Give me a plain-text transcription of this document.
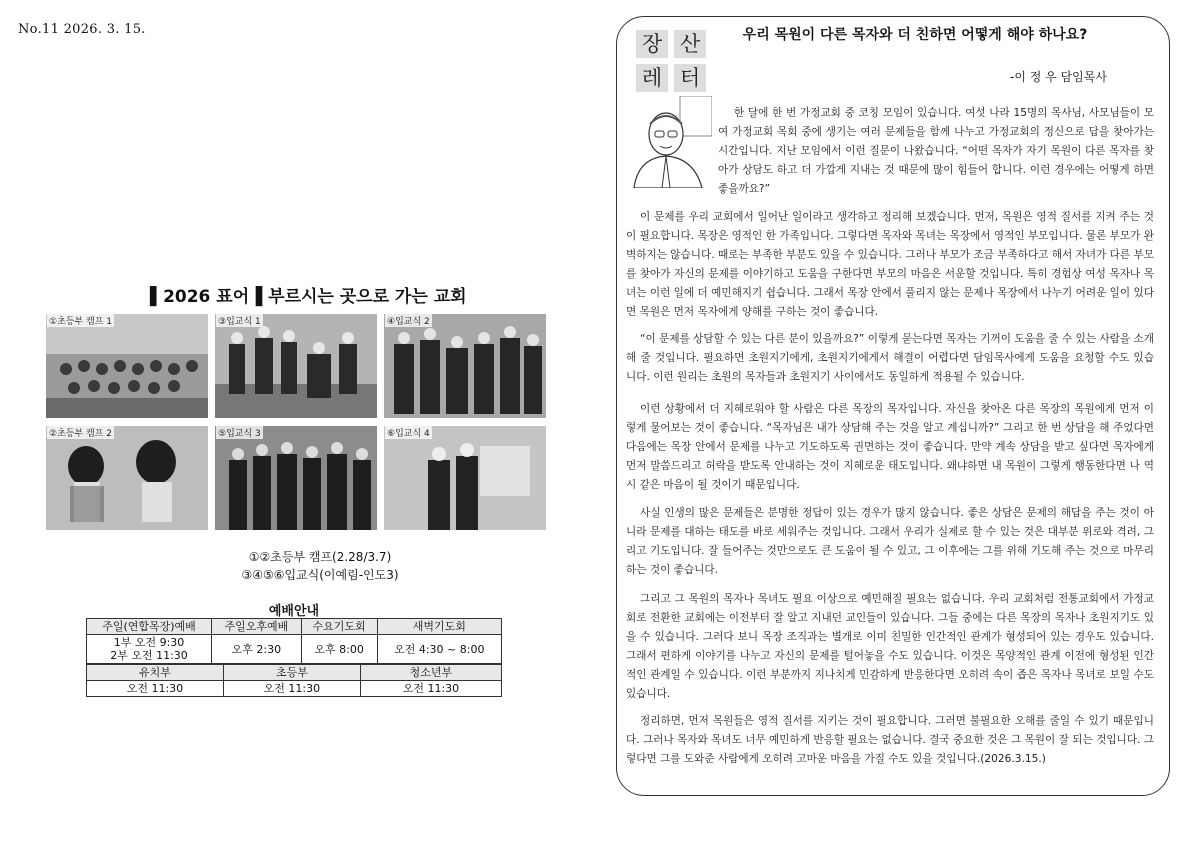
No.11 2026. 3. 15.
▌2026 표어▐ 부르시는 곳으로 가는 교회
①초등부 캠프 1	③입교식 1	④입교식 2
②초등부 캠프 2	⑤입교식 3	⑥입교식 4
①②초등부 캠프(2.28/3.7)
③④⑤⑥입교식(이예림-인도3)
주일(연합목장)예배	주일오후예배	수요기도회	새벽기도회
1부 오전 9:30
2부 오전 11:30	오후 2:30	오후 8:00	오전 4:30 ~ 8:00
예배안내
유치부	초등부	청소년부
오전 11:30	오전 11:30	오전 11:30
장 산
레 터
우리 목원이 다른 목자와 더 친하면 어떻게 해야 하나요?
-이 정 우 담임목사
한 달에 한 번 가정교회 중 코칭 모임이 있습니다. 여섯 나라 15명의 목사님, 사모님들이 모여 가정교회 목회 중에 생기는 여러 문제들을 함께 나누고 가정교회의 정신으로 답을 찾아가는 시간입니다. 지난 모임에서 이런 질문이 나왔습니다. “어떤 목자가 자기 목원이 다른 목자를 찾아가 상담도 하고 더 가깝게 지내는 것 때문에 많이 힘들어 합니다. 이런 경우에는 어떻게 하면 좋을까요?”
이 문제를 우리 교회에서 일어난 일이라고 생각하고 정리해 보겠습니다. 먼저, 목원은 영적 질서를 지켜 주는 것이 필요합니다. 목장은 영적인 한 가족입니다. 그렇다면 목자와 목녀는 목장에서 영적인 부모입니다. 물론 부모가 완벽하지는 않습니다. 때로는 부족한 부분도 있을 수 있습니다. 그러나 부모가 조금 부족하다고 해서 자녀가 다른 부모를 찾아가 자신의 문제를 이야기하고 도움을 구한다면 부모의 마음은 서운할 것입니다. 특히 경험상 여성 목자나 목녀는 이런 일에 더 예민해지기 쉽습니다. 그래서 목장 안에서 풀리지 않는 문제나 목장에서 나누기 어려운 일이 있다면 목원은 먼저 목자에게 양해를 구하는 것이 좋습니다.
“이 문제를 상담할 수 있는 다른 분이 있을까요?” 이렇게 묻는다면 목자는 기꺼이 도움을 줄 수 있는 사람을 소개해 줄 것입니다. 필요하면 초원지기에게, 초원지기에게서 해결이 어렵다면 담임목사에게 도움을 요청할 수도 있습니다. 이런 원리는 초원의 목자들과 초원지기 사이에서도 동일하게 적용될 수 있습니다.
이런 상황에서 더 지혜로워야 할 사람은 다른 목장의 목자입니다. 자신을 찾아온 다른 목장의 목원에게 먼저 이렇게 물어보는 것이 좋습니다. “목자님은 내가 상담해 주는 것을 알고 계십니까?” 그리고 한 번 상담을 해 주었다면 다음에는 목장 안에서 문제를 나누고 기도하도록 권면하는 것이 좋습니다. 만약 계속 상담을 받고 싶다면 목자에게 먼저 말씀드리고 허락을 받도록 안내하는 것이 지혜로운 태도입니다. 왜냐하면 내 목원이 그렇게 행동한다면 나 역시 같은 마음이 될 것이기 때문입니다.
사실 인생의 많은 문제들은 분명한 정답이 있는 경우가 많지 않습니다. 좋은 상담은 문제의 해답을 주는 것이 아니라 문제를 대하는 태도를 바로 세워주는 것입니다. 그래서 우리가 실제로 할 수 있는 것은 대부분 위로와 격려, 그리고 기도입니다. 잘 들어주는 것만으로도 큰 도움이 될 수 있고, 그 이후에는 그를 위해 기도해 주는 것으로 마무리하는 것이 좋습니다.
그리고 그 목원의 목자나 목녀도 필요 이상으로 예민해질 필요는 없습니다. 우리 교회처럼 전통교회에서 가정교회로 전환한 교회에는 이전부터 잘 알고 지내던 교인들이 있습니다. 그들 중에는 다른 목장의 목자나 초원지기도 있을 수 있습니다. 그러다 보니 목장 조직과는 별개로 이미 친밀한 인간적인 관계가 형성되어 있는 경우도 있습니다. 그래서 편하게 이야기를 나누고 자신의 문제를 털어놓을 수도 있습니다. 이것은 목양적인 관계 이전에 형성된 인간적인 관계일 수 있습니다. 이런 부분까지 지나치게 민감하게 반응한다면 오히려 속이 좁은 목자나 목녀로 보일 수도 있습니다.
정리하면, 먼저 목원들은 영적 질서를 지키는 것이 필요합니다. 그러면 불필요한 오해를 줄일 수 있기 때문입니다. 그러나 목자와 목녀도 너무 예민하게 반응할 필요는 없습니다. 결국 중요한 것은 그 목원이 잘 되는 것입니다. 그렇다면 그를 도와준 사람에게 오히려 고마운 마음을 가질 수도 있을 것입니다.(2026.3.15.)
